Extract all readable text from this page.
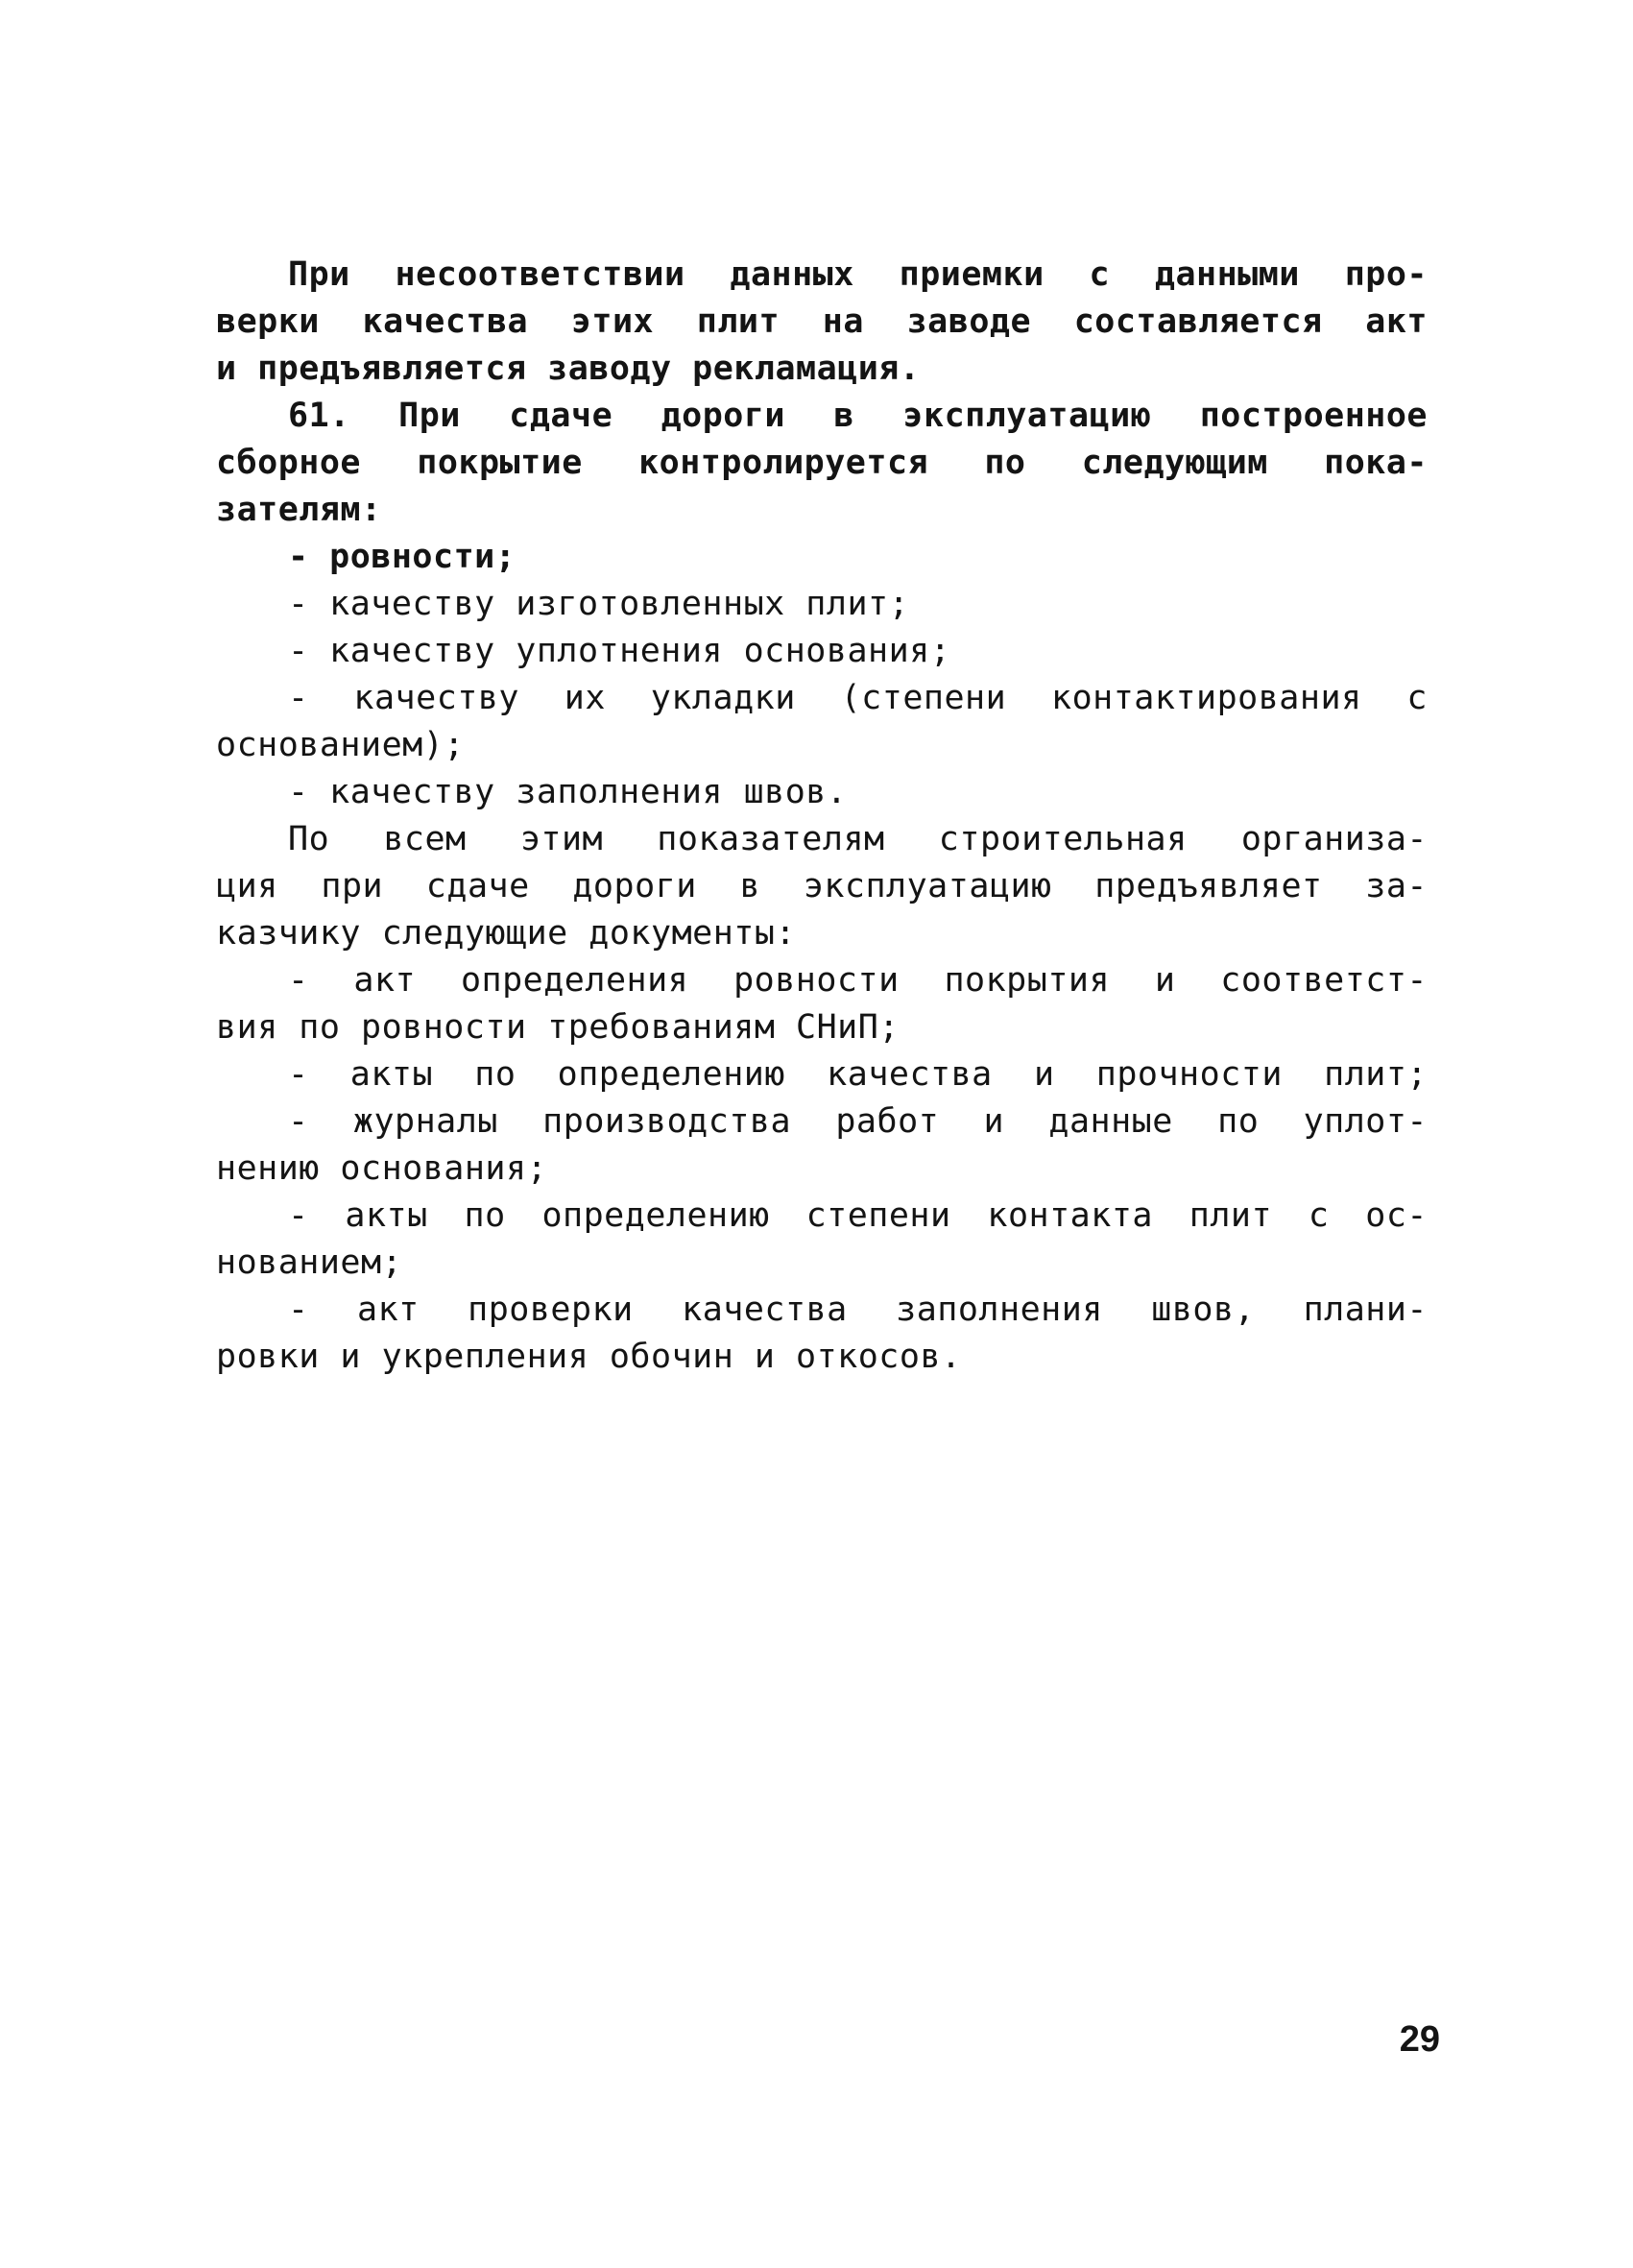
При несоответствии данных приемки с данными про-
верки качества этих плит на заводе составляется акт
и предъявляется заводу рекламация.
61. При сдаче дороги в эксплуатацию построенное
сборное покрытие контролируется по следующим пока-
зателям:
- ровности;
- качеству изготовленных плит;
- качеству уплотнения основания;
- качеству их укладки (степени контактирования с
основанием);
- качеству заполнения швов.
По всем этим показателям строительная организа-
ция при сдаче дороги в эксплуатацию предъявляет за-
казчику следующие документы:
- акт определения ровности покрытия и соответст-
вия по ровности требованиям СНиП;
- акты по определению качества и прочности плит;
- журналы производства работ и данные по уплот-
нению основания;
- акты по определению степени контакта плит с ос-
нованием;
- акт проверки качества заполнения швов, плани-
ровки и укрепления обочин и откосов.
29
